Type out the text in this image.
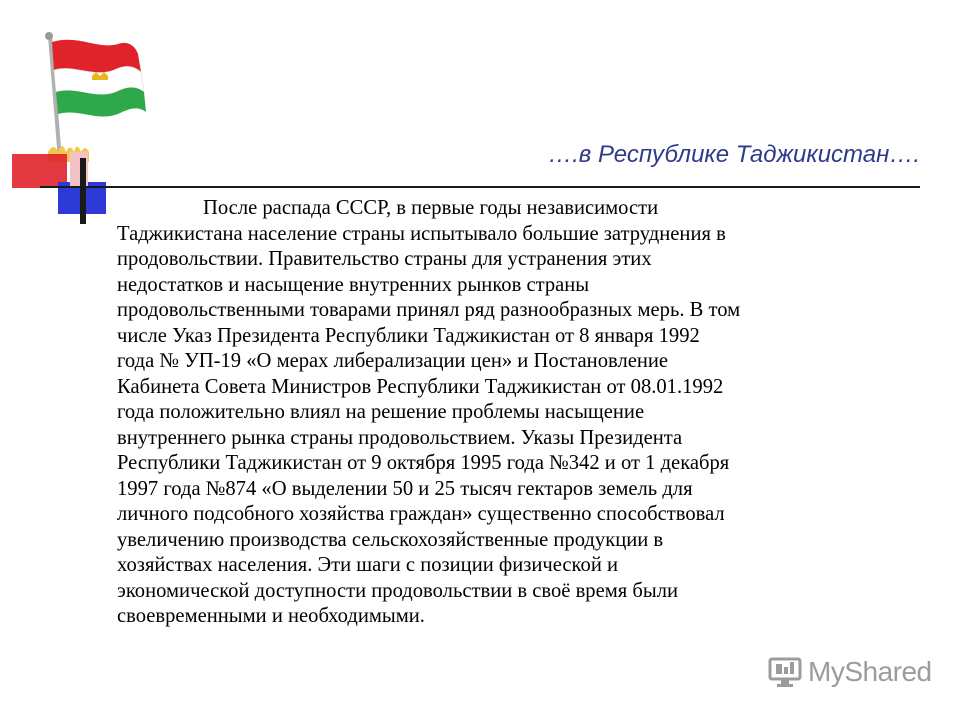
….в Республике Таджикистан….

После распада СССР, в первые годы независимости
Таджикистана население страны испытывало большие затруднения в
продовольствии. Правительство страны для устранения этих
недостатков и насыщение внутренних рынков страны
продовольственными товарами принял ряд разнообразных мерь. В том
числе Указ Президента Республики Таджикистан от 8 января 1992
года № УП-19 «О мерах либерализации цен» и Постановление
Кабинета Совета Министров Республики Таджикистан от 08.01.1992
года положительно влиял на решение проблемы насыщение
внутреннего рынка страны продовольствием. Указы Президента
Республики Таджикистан от 9 октября 1995 года №342 и от 1 декабря
1997 года №874 «О выделении 50 и 25 тысяч гектаров земель для
личного подсобного хозяйства граждан» существенно способствовал
увеличению производства сельскохозяйственные продукции в
хозяйствах населения. Эти шаги с позиции физической и
экономической доступности продовольствии в своё время были
своевременными и необходимыми.

MyShared
